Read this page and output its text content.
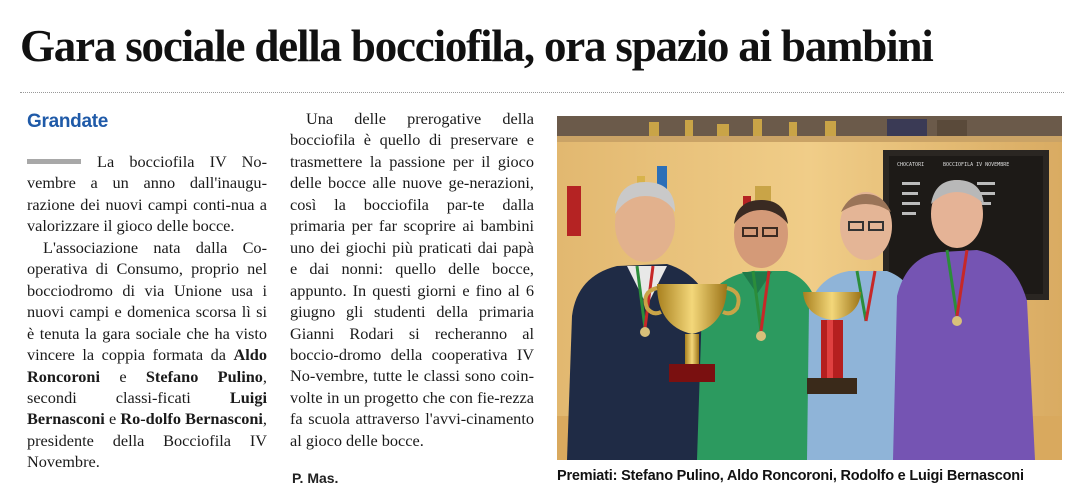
Gara sociale della bocciofila, ora spazio ai bambini
Grandate

La bocciofila IV No-vembre a un anno dall'inaugu-razione dei nuovi campi conti-nua a valorizzare il gioco delle bocce.

L'associazione nata dalla Co-operativa di Consumo, proprio nel bocciodromo di via Unione usa i nuovi campi e domenica scorsa lì si è tenuta la gara sociale che ha visto vincere la coppia formata da Aldo Roncoroni e Stefano Pulino, secondi classi-ficati Luigi Bernasconi e Ro-dolfo Bernasconi, presidente della Bocciofila IV Novembre.

Una delle prerogative della bocciofila è quello di preservare e trasmettere la passione per il gioco delle bocce alle nuove ge-nerazioni, così la bocciofila par-te dalla primaria per far scoprire ai bambini uno dei giochi più praticati dai papà e dai nonni: quello delle bocce, appunto. In questi giorni e fino al 6 giugno gli studenti della primaria Gianni Rodari si recheranno al boccio-dromo della cooperativa IV No-vembre, tutte le classi sono coin-volte in un progetto che con fie-rezza fa scuola attraverso l'avvi-cinamento al gioco delle bocce.

P. Mas.
CHOCATORI	BOCCIOFILA IV NOVEMBRE
Premiati: Stefano Pulino, Aldo Roncoroni, Rodolfo e Luigi Bernasconi
